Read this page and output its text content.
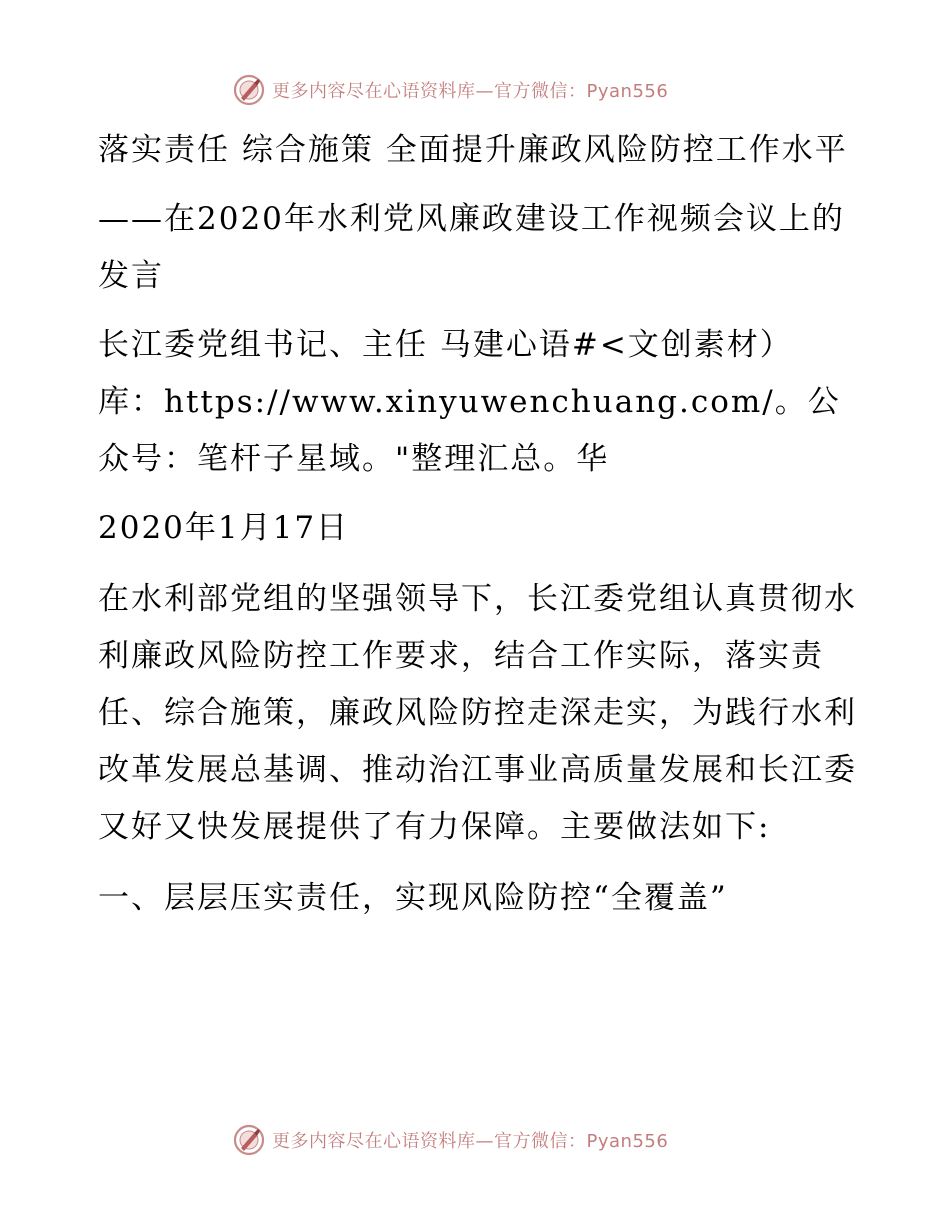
更多内容尽在心语资料库—官方微信：Pyan556

落实责任 综合施策 全面提升廉政风险防控工作水平

——在2020年水利党风廉政建设工作视频会议上的发言

长江委党组书记、主任 马建心语#<文创素材）库：https://www.xinyuwenchuang.com/。公众号：笔杆子星域。"整理汇总。华

2020年1月17日

在水利部党组的坚强领导下，长江委党组认真贯彻水利廉政风险防控工作要求，结合工作实际，落实责任、综合施策，廉政风险防控走深走实，为践行水利改革发展总基调、推动治江事业高质量发展和长江委又好又快发展提供了有力保障。主要做法如下:

一、层层压实责任，实现风险防控“全覆盖”

更多内容尽在心语资料库—官方微信：Pyan556
